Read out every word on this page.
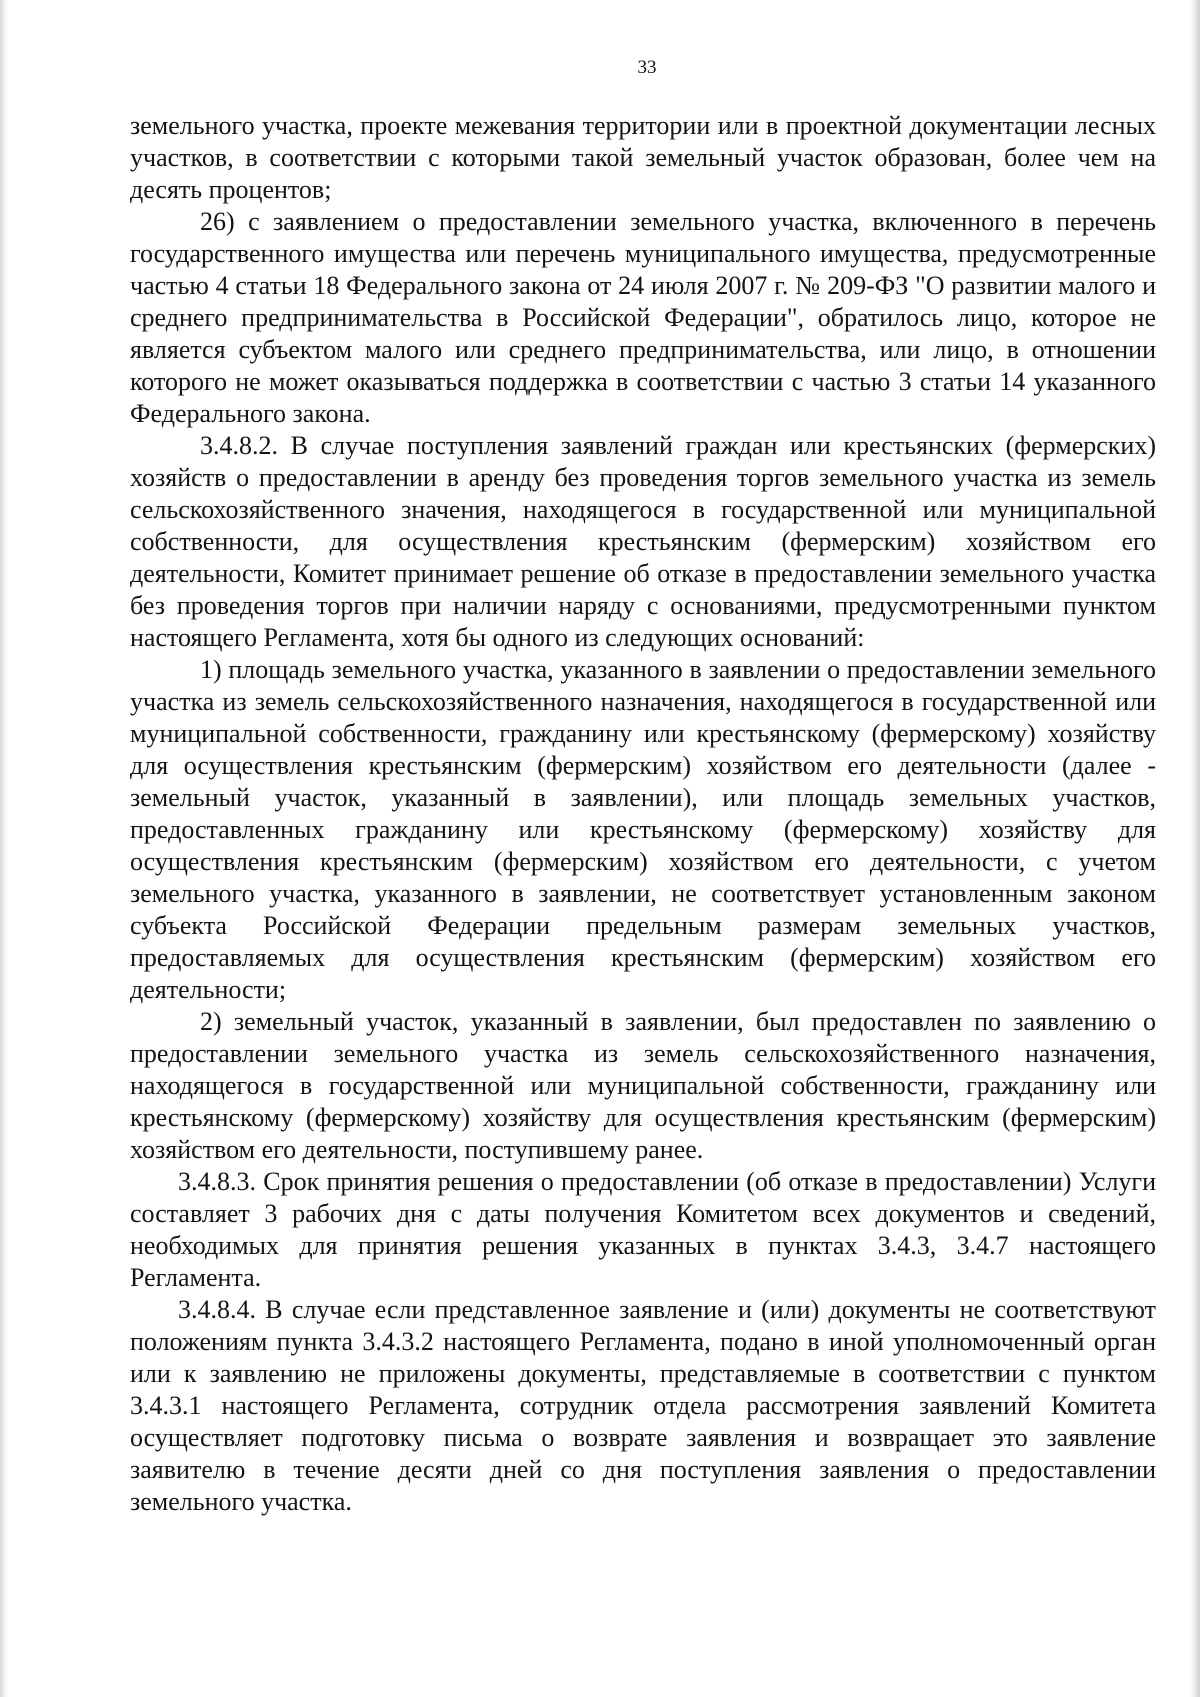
33

земельного участка, проекте межевания территории или в проектной документации лесных участков, в соответствии с которыми такой земельный участок образован, более чем на десять процентов;

26) с заявлением о предоставлении земельного участка, включенного в перечень государственного имущества или перечень муниципального имущества, предусмотренные частью 4 статьи 18 Федерального закона от 24 июля 2007 г. № 209-ФЗ "О развитии малого и среднего предпринимательства в Российской Федерации", обратилось лицо, которое не является субъектом малого или среднего предпринимательства, или лицо, в отношении которого не может оказываться поддержка в соответствии с частью 3 статьи 14 указанного Федерального закона.

3.4.8.2. В случае поступления заявлений граждан или крестьянских (фермерских) хозяйств о предоставлении в аренду без проведения торгов земельного участка из земель сельскохозяйственного значения, находящегося в государственной или муниципальной собственности, для осуществления крестьянским (фермерским) хозяйством его деятельности, Комитет принимает решение об отказе в предоставлении земельного участка без проведения торгов при наличии наряду с основаниями, предусмотренными пунктом настоящего Регламента, хотя бы одного из следующих оснований:

1) площадь земельного участка, указанного в заявлении о предоставлении земельного участка из земель сельскохозяйственного назначения, находящегося в государственной или муниципальной собственности, гражданину или крестьянскому (фермерскому) хозяйству для осуществления крестьянским (фермерским) хозяйством его деятельности (далее - земельный участок, указанный в заявлении), или площадь земельных участков, предоставленных гражданину или крестьянскому (фермерскому) хозяйству для осуществления крестьянским (фермерским) хозяйством его деятельности, с учетом земельного участка, указанного в заявлении, не соответствует установленным законом субъекта Российской Федерации предельным размерам земельных участков, предоставляемых для осуществления крестьянским (фермерским) хозяйством его деятельности;

2) земельный участок, указанный в заявлении, был предоставлен по заявлению о предоставлении земельного участка из земель сельскохозяйственного назначения, находящегося в государственной или муниципальной собственности, гражданину или крестьянскому (фермерскому) хозяйству для осуществления крестьянским (фермерским) хозяйством его деятельности, поступившему ранее.

3.4.8.3. Срок принятия решения о предоставлении (об отказе в предоставлении) Услуги составляет 3 рабочих дня с даты получения Комитетом всех документов и сведений, необходимых для принятия решения указанных в пунктах 3.4.3, 3.4.7 настоящего Регламента.

3.4.8.4. В случае если представленное заявление и (или) документы не соответствуют положениям пункта 3.4.3.2 настоящего Регламента, подано в иной уполномоченный орган или к заявлению не приложены документы, представляемые в соответствии с пунктом 3.4.3.1 настоящего Регламента, сотрудник отдела рассмотрения заявлений Комитета осуществляет подготовку письма о возврате заявления и возвращает это заявление заявителю в течение десяти дней со дня поступления заявления о предоставлении земельного участка.
